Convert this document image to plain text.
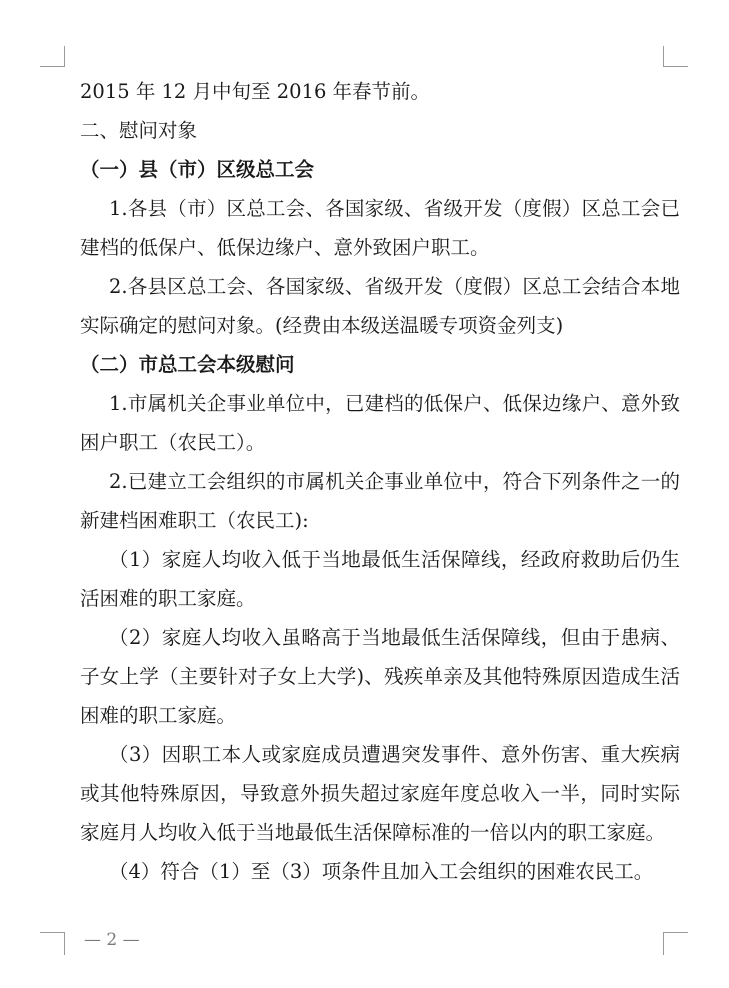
2015 年 12 月中旬至 2016 年春节前。

二、慰问对象

（一）县（市）区级总工会

1.各县（市）区总工会、各国家级、省级开发（度假）区总工会已建档的低保户、低保边缘户、意外致困户职工。

2.各县区总工会、各国家级、省级开发（度假）区总工会结合本地实际确定的慰问对象。(经费由本级送温暖专项资金列支)

（二）市总工会本级慰问

1.市属机关企事业单位中，已建档的低保户、低保边缘户、意外致困户职工（农民工）。

2.已建立工会组织的市属机关企事业单位中，符合下列条件之一的新建档困难职工（农民工):

（1）家庭人均收入低于当地最低生活保障线，经政府救助后仍生活困难的职工家庭。

（2）家庭人均收入虽略高于当地最低生活保障线，但由于患病、子女上学（主要针对子女上大学)、残疾单亲及其他特殊原因造成生活困难的职工家庭。

（3）因职工本人或家庭成员遭遇突发事件、意外伤害、重大疾病或其他特殊原因，导致意外损失超过家庭年度总收入一半，同时实际家庭月人均收入低于当地最低生活保障标准的一倍以内的职工家庭。

（4）符合（1）至（3）项条件且加入工会组织的困难农民工。

— 2 —
